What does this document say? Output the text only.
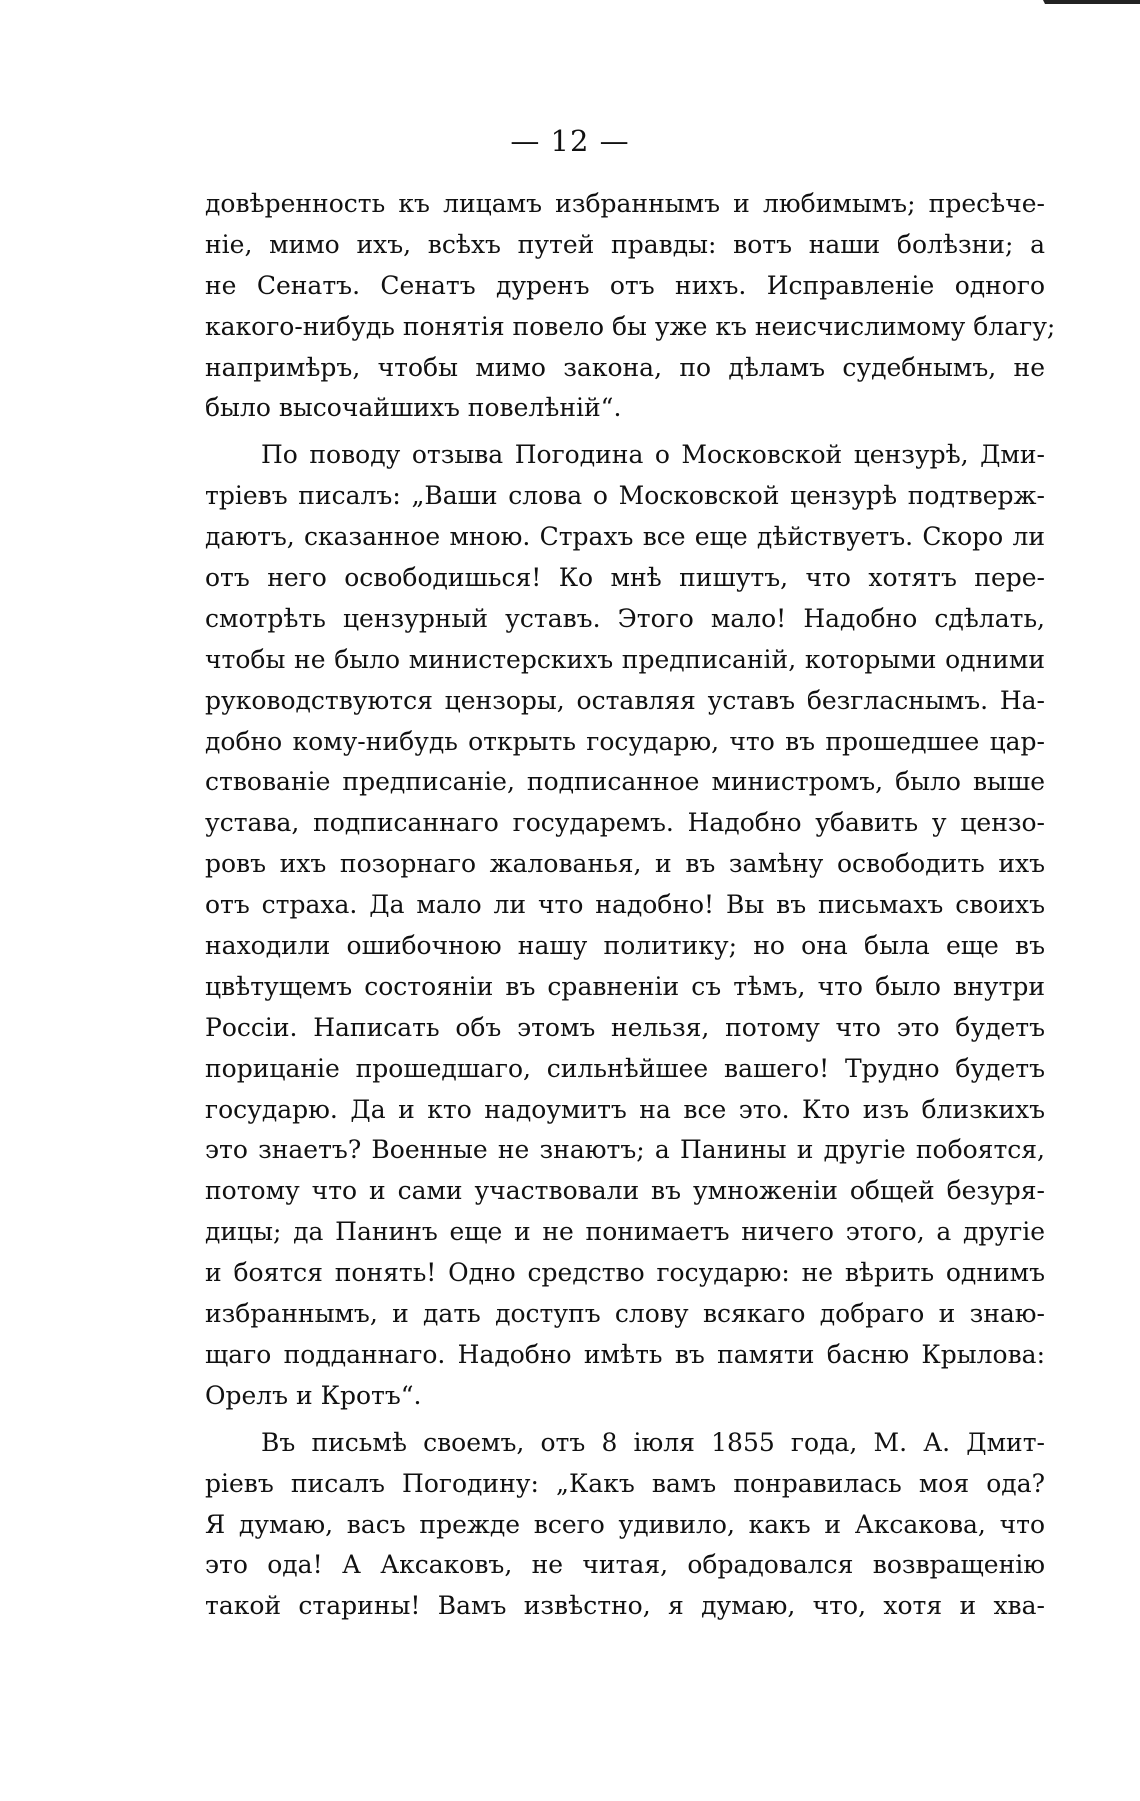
— 12 —
довѣренность къ лицамъ избраннымъ и любимымъ; пресѣче-
ніе, мимо ихъ, всѣхъ путей правды: вотъ наши болѣзни; а
не Сенатъ. Сенатъ дуренъ отъ нихъ. Исправленіе одного
какого-нибудь понятія повело бы уже къ неисчислимому благу;
напримѣръ, чтобы мимо закона, по дѣламъ судебнымъ, не
было высочайшихъ повелѣній“.
По поводу отзыва Погодина о Московской цензурѣ, Дми-
тріевъ писалъ: „Ваши слова о Московской цензурѣ подтверж-
даютъ, сказанное мною. Страхъ все еще дѣйствуетъ. Скоро ли
отъ него освободишься! Ко мнѣ пишутъ, что хотятъ пере-
смотрѣть цензурный уставъ. Этого мало! Надобно сдѣлать,
чтобы не было министерскихъ предписаній, которыми одними
руководствуются цензоры, оставляя уставъ безгласнымъ. На-
добно кому-нибудь открыть государю, что въ прошедшее цар-
ствованіе предписаніе, подписанное министромъ, было выше
устава, подписаннаго государемъ. Надобно убавить у цензо-
ровъ ихъ позорнаго жалованья, и въ замѣну освободить ихъ
отъ страха. Да мало ли что надобно! Вы въ письмахъ своихъ
находили ошибочною нашу политику; но она была еще въ
цвѣтущемъ состояніи въ сравненіи съ тѣмъ, что было внутри
Россіи. Написать объ этомъ нельзя, потому что это будетъ
порицаніе прошедшаго, сильнѣйшее вашего! Трудно будетъ
государю. Да и кто надоумитъ на все это. Кто изъ близкихъ
это знаетъ? Военные не знаютъ; а Панины и другіе побоятся,
потому что и сами участвовали въ умноженіи общей безуря-
дицы; да Панинъ еще и не понимаетъ ничего этого, а другіе
и боятся понять! Одно средство государю: не вѣрить однимъ
избраннымъ, и дать доступъ слову всякаго добраго и знаю-
щаго подданнаго. Надобно имѣть въ памяти басню Крылова:
Орелъ и Кротъ“.
Въ письмѣ своемъ, отъ 8 іюля 1855 года, М. А. Дмит-
ріевъ писалъ Погодину: „Какъ вамъ понравилась моя ода?
Я думаю, васъ прежде всего удивило, какъ и Аксакова, что
это ода! А Аксаковъ, не читая, обрадовался возвращенію
такой старины! Вамъ извѣстно, я думаю, что, хотя и хва-
